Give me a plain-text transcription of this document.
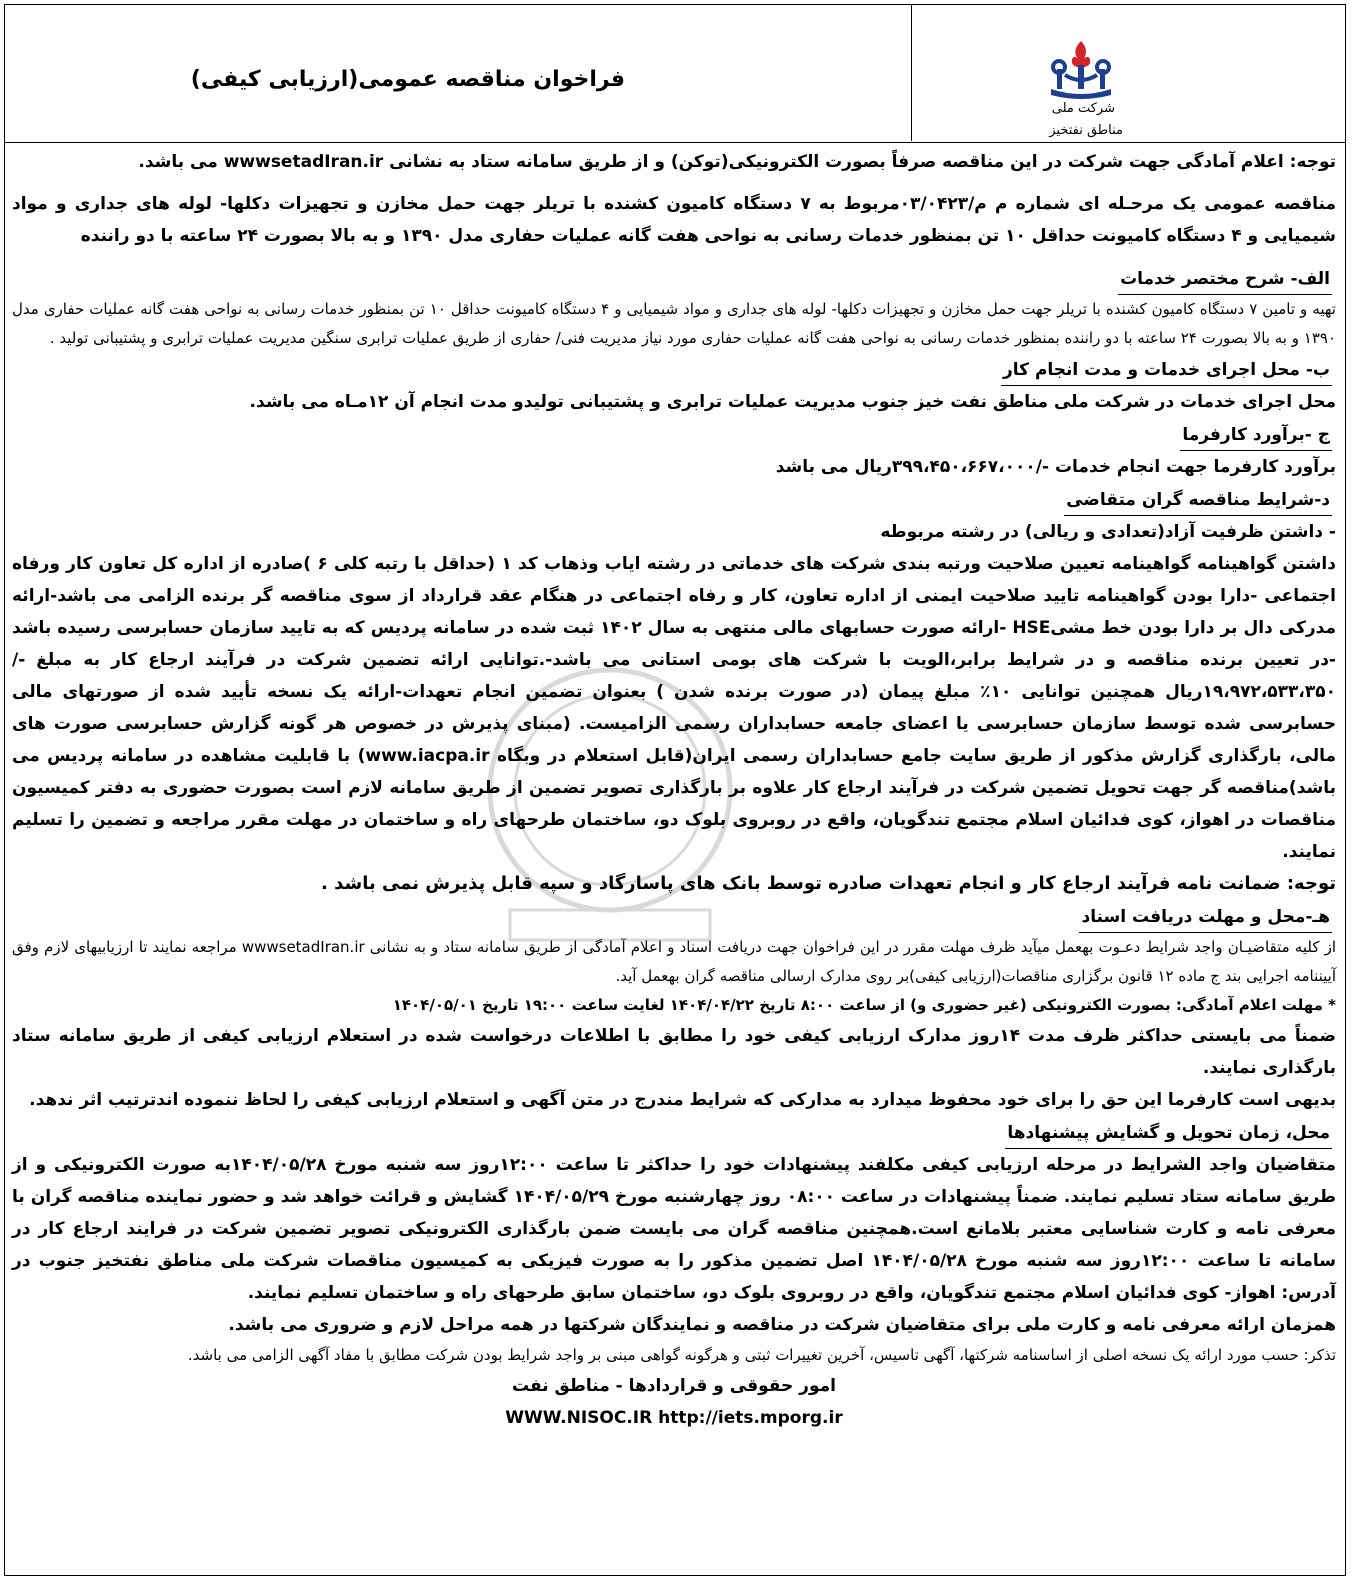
شرکت ملی
مناطق نفتخیز
فراخوان مناقصه عمومی(ارزیابی کیفی)

توجه: اعلام آمادگی جهت شرکت در این مناقصه صرفاً بصورت الکترونیکی(توکن) و از طریق سامانه ستاد به نشانی wwwsetadIran.ir می باشد.

مناقصه عمومی یک مرحـله ای شماره م م/۰۳/۰۴۲۳مربوط به ۷ دستگاه کامیون کشنده با تریلر جهت حمل مخازن و تجهیزات دکلها- لوله های جداری و مواد شیمیایی و ۴ دستگاه کامیونت حداقل ۱۰ تن بمنظور خدمات رسانی به نواحی هفت گانه عملیات حفاری مدل ۱۳۹۰ و به بالا بصورت ۲۴ ساعته با دو راننده

الف- شرح مختصر خدمات

تهیه و تامین ۷ دستگاه کامیون کشنده با تریلر جهت حمل مخازن و تجهیزات دکلها- لوله های جداری و مواد شیمیایی و ۴ دستگاه کامیونت حداقل ۱۰ تن بمنظور خدمات رسانی به نواحی هفت گانه عملیات حفاری مدل ۱۳۹۰ و به بالا بصورت ۲۴ ساعته با دو راننده بمنظور خدمات رسانی به نواحی هفت گانه عملیات حفاری مورد نیاز مدیریت فنی/ حفاری از طریق عملیات ترابری سنگین مدیریت عملیات ترابری و پشتیبانی تولید .

ب- محل اجرای خدمات و مدت انجام کار

محل اجرای خدمات در شرکت ملی مناطق نفت خیز جنوب مدیریت عملیات ترابری و پشتیبانی تولیدو مدت انجام آن ۱۲مـاه می باشد.

ج -برآورد کارفرما

برآورد کارفرما جهت انجام خدمات -/۳۹۹،۴۵۰،۶۶۷،۰۰۰ریال می باشد

د-شرایط مناقصه گران متقاضی

- داشتن ظرفیت آزاد(تعدادی و ریالی) در رشته مربوطه

داشتن گواهینامه گواهینامه تعیین صلاحیت ورتبه بندی شرکت های خدماتی در رشته ایاب وذهاب کد ۱ (حداقل با رتبه کلی ۶ )صادره از اداره کل تعاون کار ورفاه اجتماعی -دارا بودن گواهینامه تایید صلاحیت ایمنی از اداره تعاون، کار و رفاه اجتماعی در هنگام عقد قرارداد از سوی مناقصه گر برنده الزامی می باشد-ارائه مدرکی دال بر دارا بودن خط مشیHSE -ارائه صورت حسابهای مالی منتهی به سال ۱۴۰۲ ثبت شده در سامانه پردیس که به تایید سازمان حسابرسی رسیده باشد -در تعیین برنده مناقصه و در شرایط برابر،الویت با شرکت های بومی استانی می باشد-.توانایی ارائه تضمین شرکت در فرآیند ارجاع کار به مبلغ -/۱۹،۹۷۲،۵۳۳،۳۵۰ریال همچنین توانایی ۱۰٪ مبلغ پیمان (در صورت برنده شدن ) بعنوان تضمین انجام تعهدات-ارائه یک نسخه تأیید شده از صورتهای مالی حسابرسی شده توسط سازمان حسابرسی یا اعضای جامعه حسابداران رسمی الزامیست. (مبنای پذیرش در خصوص هر گونه گزارش حسابرسی صورت های مالی، بارگذاری گزارش مذکور از طریق سایت جامع حسابداران رسمی ایران(قابل استعلام در وبگاه www.iacpa.ir) با قابلیت مشاهده در سامانه پردیس می باشد)مناقصه گر جهت تحویل تضمین شرکت در فرآیند ارجاع کار علاوه بر بارگذاری تصویر تضمین از طریق سامانه لازم است بصورت حضوری به دفتر کمیسیون مناقصات در اهواز، کوی فدائیان اسلام مجتمع تندگویان، واقع در روبروی بلوک دو، ساختمان طرحهای راه و ساختمان در مهلت مقرر مراجعه و تضمین را تسلیم نمایند.

توجه: ضمانت نامه فرآیند ارجاع کار و انجام تعهدات صادره توسط بانک های پاسارگاد و سپه قابل پذیرش نمی باشد .

هـ-محل و مهلت دریافت اسناد

از کلیه متقاضیـان واجد شرایط دعـوت بهعمل میآید ظرف مهلت مقرر در این فراخوان جهت دریافت اسناد و اعلام آمادگی از طریق سامانه ستاد و به نشانی wwwsetadIran.ir مراجعه نمایند تا ارزیابیهای لازم وفق آییننامه اجرایی بند ج ماده ۱۲ قانون برگزاری مناقصات(ارزیابی کیفی)بر روی مدارک ارسالی مناقصه گران بهعمل آید.

* مهلت اعلام آمادگی: بصورت الکترونیکی (غیر حضوری و) از ساعت ۸:۰۰ تاریخ ۱۴۰۴/۰۴/۲۲ لغایت ساعت ۱۹:۰۰ تاریخ ۱۴۰۴/۰۵/۰۱

ضمناً می بایستی حداکثر ظرف مدت ۱۴روز مدارک ارزیابی کیفی خود را مطابق با اطلاعات درخواست شده در استعلام ارزیابی کیفی از طریق سامانه ستاد بارگذاری نمایند.

بدیهی است کارفرما این حق را برای خود محفوظ میدارد به مدارکی که شرایط مندرج در متن آگهی و استعلام ارزیابی کیفی را لحاظ ننموده اندترتیب اثر ندهد.

محل، زمان تحویل و گشایش پیشنهادها

متقاضیان واجد الشرایط در مرحله ارزیابی کیفی مکلفند پیشنهادات خود را حداکثر تا ساعت ۱۲:۰۰روز سه شنبه مورخ ۱۴۰۴/۰۵/۲۸به صورت الکترونیکی و از طریق سامانه ستاد تسلیم نمایند. ضمناً پیشنهادات در ساعت ۰۸:۰۰ روز چهارشنبه مورخ ۱۴۰۴/۰۵/۲۹ گشایش و قرائت خواهد شد و حضور نماینده مناقصه گران با معرفی نامه و کارت شناسایی معتبر بلامانع است.همچنین مناقصه گران می بایست ضمن بارگذاری الکترونیکی تصویر تضمین شرکت در فرایند ارجاع کار در سامانه تا ساعت ۱۲:۰۰روز سه شنبه مورخ ۱۴۰۴/۰۵/۲۸ اصل تضمین مذکور را به صورت فیزیکی به کمیسیون مناقصات شرکت ملی مناطق نفتخیز جنوب در آدرس: اهواز- کوی فدائیان اسلام مجتمع تندگویان، واقع در روبروی بلوک دو، ساختمان سابق طرحهای راه و ساختمان تسلیم نمایند.

همزمان ارائه معرفی نامه و کارت ملی برای متقاضیان شرکت در مناقصه و نمایندگان شرکتها در همه مراحل لازم و ضروری می باشد.

تذکر: حسب مورد ارائه یک نسخه اصلی از اساسنامه شرکتها، آگهی تاسیس، آخرین تغییرات ثبتی و هرگونه گواهی مبنی بر واجد شرایط بودن شرکت مطابق با مفاد آگهی الزامی می باشد.

امور حقوقی و قراردادها - مناطق نفت

WWW.NISOC.IR http://iets.mporg.ir
